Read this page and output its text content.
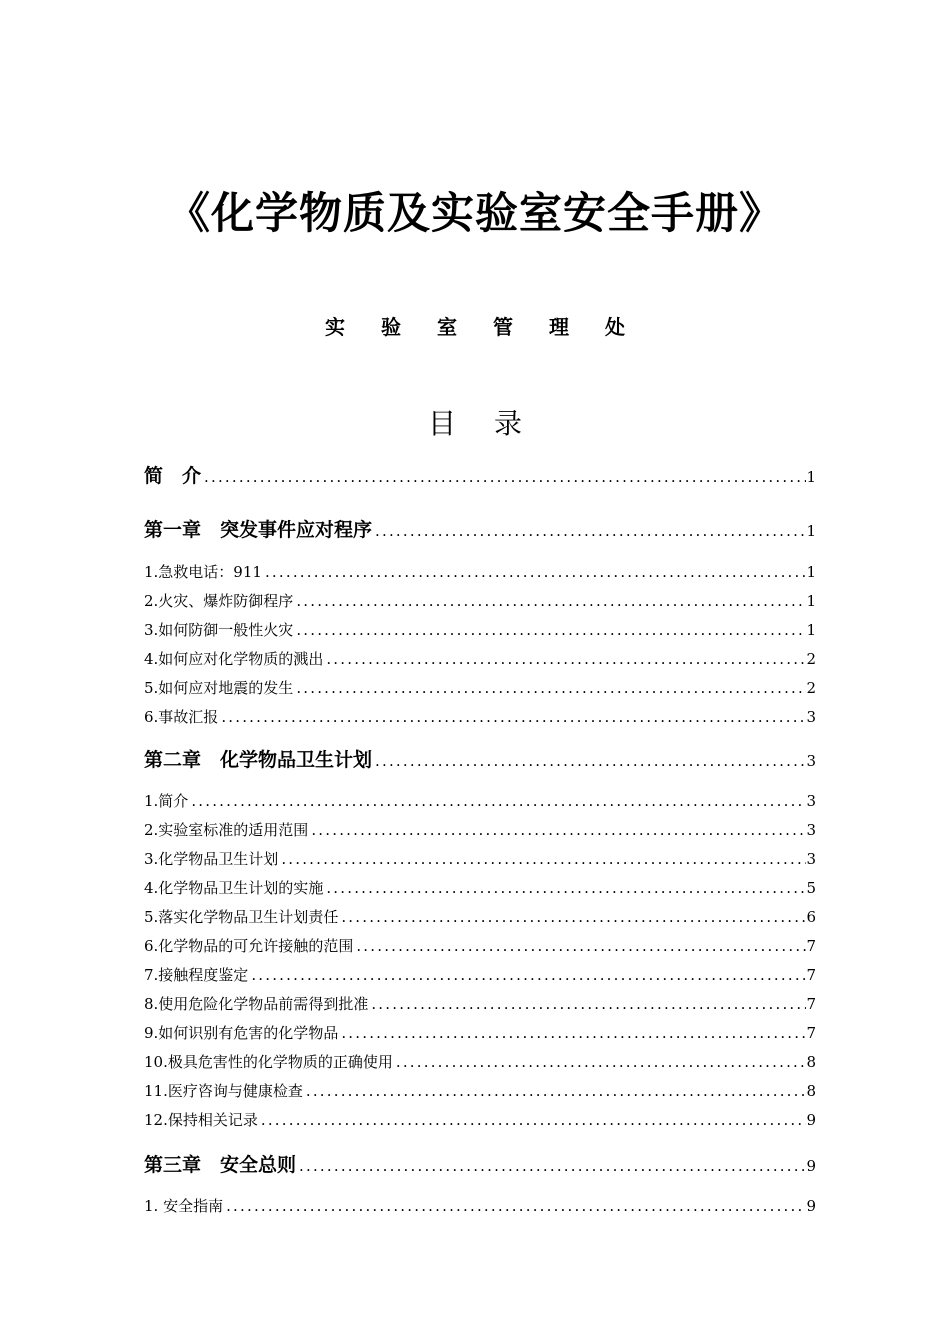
《化学物质及实验室安全手册》

实验室管理处

目录
简　介 .....	1
第一章　突发事件应对程序 .....	1
1.急救电话：911 .....	1
2.火灾、爆炸防御程序 .....	1
3.如何防御一般性火灾 .....	1
4.如何应对化学物质的溅出 .....	2
5.如何应对地震的发生 .....	2
6.事故汇报 .....	3
第二章　化学物品卫生计划 .....	3
1.简介 .....	3
2.实验室标准的适用范围 .....	3
3.化学物品卫生计划 .....	3
4.化学物品卫生计划的实施 .....	5
5.落实化学物品卫生计划责任 .....	6
6.化学物品的可允许接触的范围 .....	7
7.接触程度鉴定 .....	7
8.使用危险化学物品前需得到批准 .....	7
9.如何识别有危害的化学物品 .....	7
10.极具危害性的化学物质的正确使用 .....	8
11.医疗咨询与健康检查 .....	8
12.保持相关记录 .....	9
第三章　安全总则 .....	9
1. 安全指南 .....	9
